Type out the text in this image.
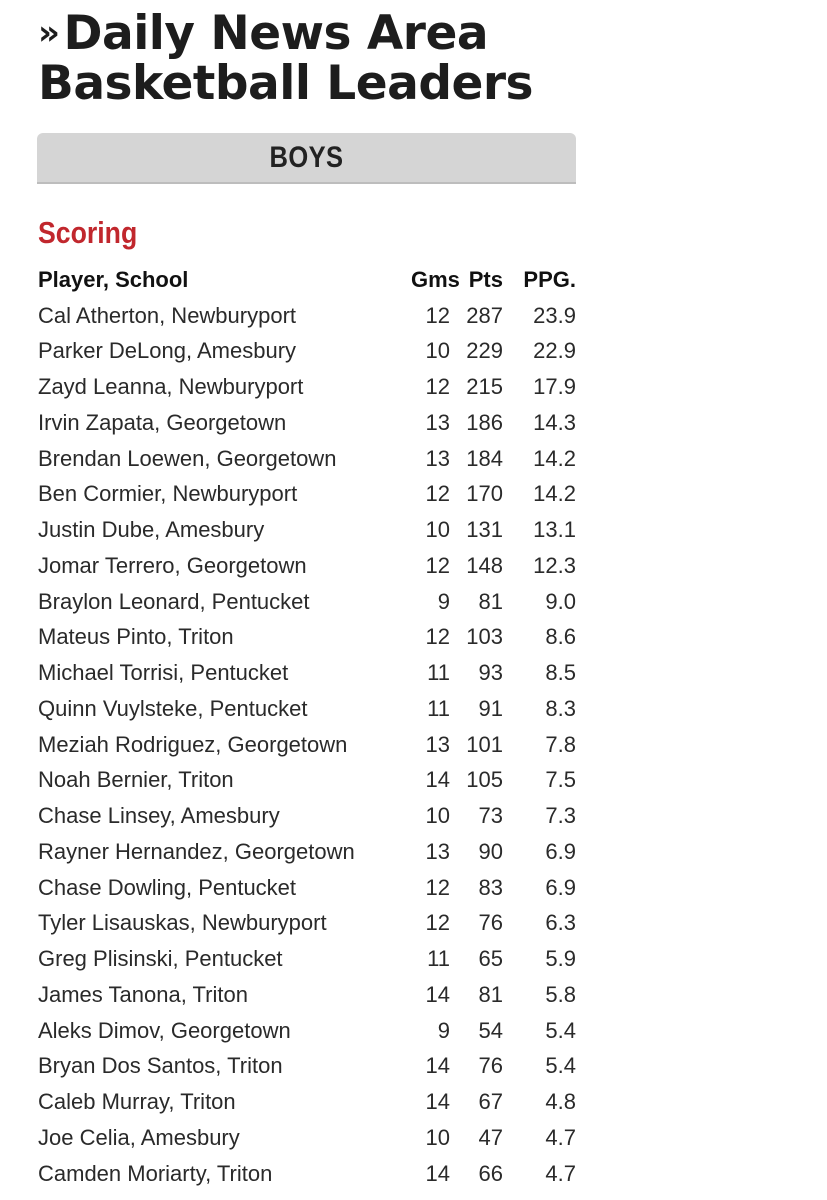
»Daily News Area
Basketball Leaders
BOYS
Scoring
Player, School	Gms	Pts	PPG.
Cal Atherton, Newburyport	12	287	23.9
Parker DeLong, Amesbury	10	229	22.9
Zayd Leanna, Newburyport	12	215	17.9
Irvin Zapata, Georgetown	13	186	14.3
Brendan Loewen, Georgetown	13	184	14.2
Ben Cormier, Newburyport	12	170	14.2
Justin Dube, Amesbury	10	131	13.1
Jomar Terrero, Georgetown	12	148	12.3
Braylon Leonard, Pentucket	9	81	9.0
Mateus Pinto, Triton	12	103	8.6
Michael Torrisi, Pentucket	11	93	8.5
Quinn Vuylsteke, Pentucket	11	91	8.3
Meziah Rodriguez, Georgetown	13	101	7.8
Noah Bernier, Triton	14	105	7.5
Chase Linsey, Amesbury	10	73	7.3
Rayner Hernandez, Georgetown	13	90	6.9
Chase Dowling, Pentucket	12	83	6.9
Tyler Lisauskas, Newburyport	12	76	6.3
Greg Plisinski, Pentucket	11	65	5.9
James Tanona, Triton	14	81	5.8
Aleks Dimov, Georgetown	9	54	5.4
Bryan Dos Santos, Triton	14	76	5.4
Caleb Murray, Triton	14	67	4.8
Joe Celia, Amesbury	10	47	4.7
Camden Moriarty, Triton	14	66	4.7
